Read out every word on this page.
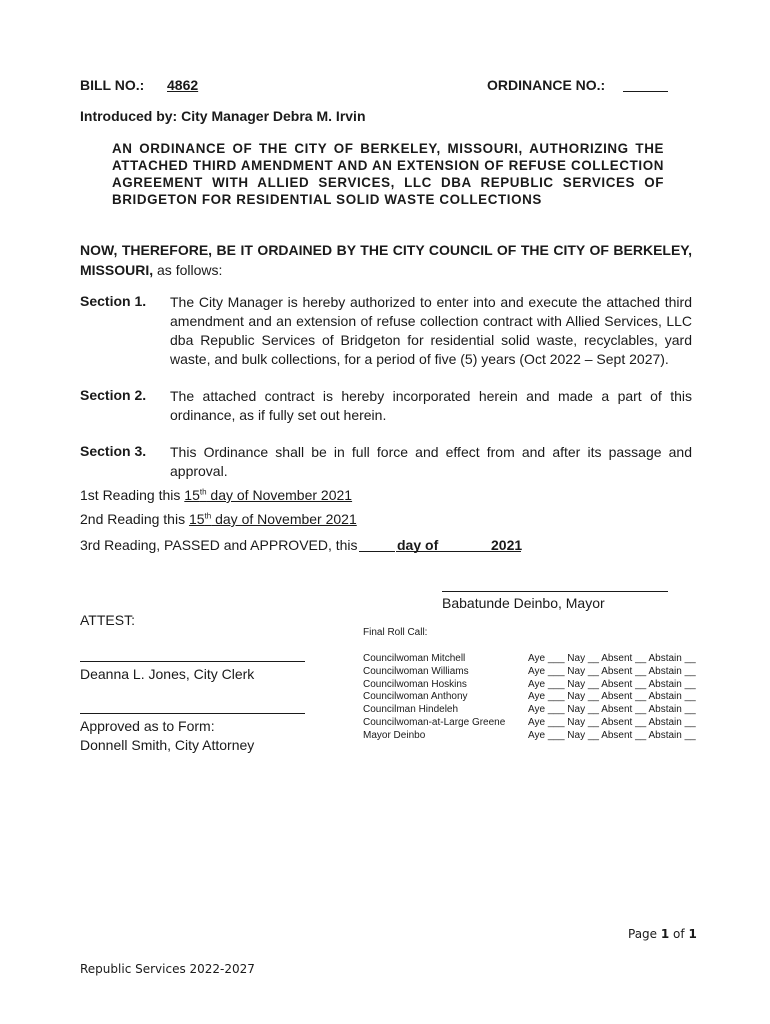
BILL NO.: 4862	ORDINANCE NO.:
Introduced by: City Manager Debra M. Irvin
AN ORDINANCE OF THE CITY OF BERKELEY, MISSOURI, AUTHORIZING THE ATTACHED THIRD AMENDMENT AND AN EXTENSION OF REFUSE COLLECTION AGREEMENT WITH ALLIED SERVICES, LLC DBA REPUBLIC SERVICES OF BRIDGETON FOR RESIDENTIAL SOLID WASTE COLLECTIONS
NOW, THEREFORE, BE IT ORDAINED BY THE CITY COUNCIL OF THE CITY OF BERKELEY, MISSOURI, as follows:
Section 1. The City Manager is hereby authorized to enter into and execute the attached third amendment and an extension of refuse collection contract with Allied Services, LLC dba Republic Services of Bridgeton for residential solid waste, recyclables, yard waste, and bulk collections, for a period of five (5) years (Oct 2022 – Sept 2027).
Section 2. The attached contract is hereby incorporated herein and made a part of this ordinance, as if fully set out herein.
Section 3. This Ordinance shall be in full force and effect from and after its passage and approval.
1st Reading this 15th day of November 2021
2nd Reading this 15th day of November 2021
3rd Reading, PASSED and APPROVED, this	day of	2021
Babatunde Deinbo, Mayor
ATTEST:
Deanna L. Jones, City Clerk
Approved as to Form:
Donnell Smith, City Attorney
Final Roll Call:
Councilwoman Mitchell	Aye ___ Nay __ Absent __ Abstain __
Councilwoman Williams	Aye ___ Nay __ Absent __ Abstain __
Councilwoman Hoskins	Aye ___ Nay __ Absent __ Abstain __
Councilwoman Anthony	Aye ___ Nay __ Absent __ Abstain __
Councilman Hindeleh	Aye ___ Nay __ Absent __ Abstain __
Councilwoman-at-Large Greene Aye ___ Nay __ Absent __ Abstain __
Mayor Deinbo	Aye ___ Nay __ Absent __ Abstain __
Page 1 of 1
Republic Services 2022-2027
